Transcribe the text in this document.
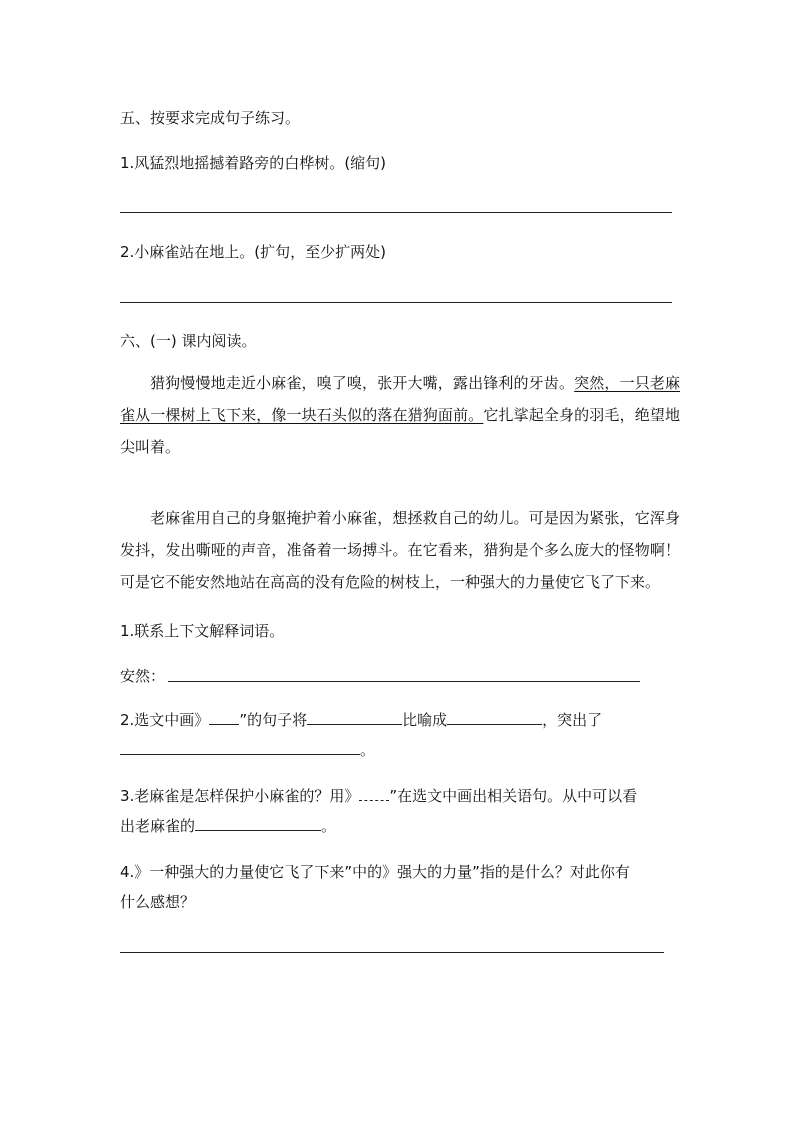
五、按要求完成句子练习。
1.风猛烈地摇撼着路旁的白桦树。(缩句)
2.小麻雀站在地上。(扩句，至少扩两处)
六、(一) 课内阅读。
猎狗慢慢地走近小麻雀，嗅了嗅，张开大嘴，露出锋利的牙齿。突然，一只老麻雀从一棵树上飞下来，像一块石头似的落在猎狗面前。它扎挲起全身的羽毛，绝望地尖叫着。
老麻雀用自己的身躯掩护着小麻雀，想拯救自己的幼儿。可是因为紧张，它浑身发抖，发出嘶哑的声音，准备着一场搏斗。在它看来，猎狗是个多么庞大的怪物啊！可是它不能安然地站在高高的没有危险的树枝上，一种强大的力量使它飞了下来。
1.联系上下文解释词语。
安然：
2.选文中画》 ”的句子将	比喻成	，突出了
。
3.老麻雀是怎样保护小麻雀的？用》 ”在选文中画出相关语句。从中可以看
出老麻雀的	。
4.》一种强大的力量使它飞了下来”中的》强大的力量”指的是什么？对此你有
什么感想？
